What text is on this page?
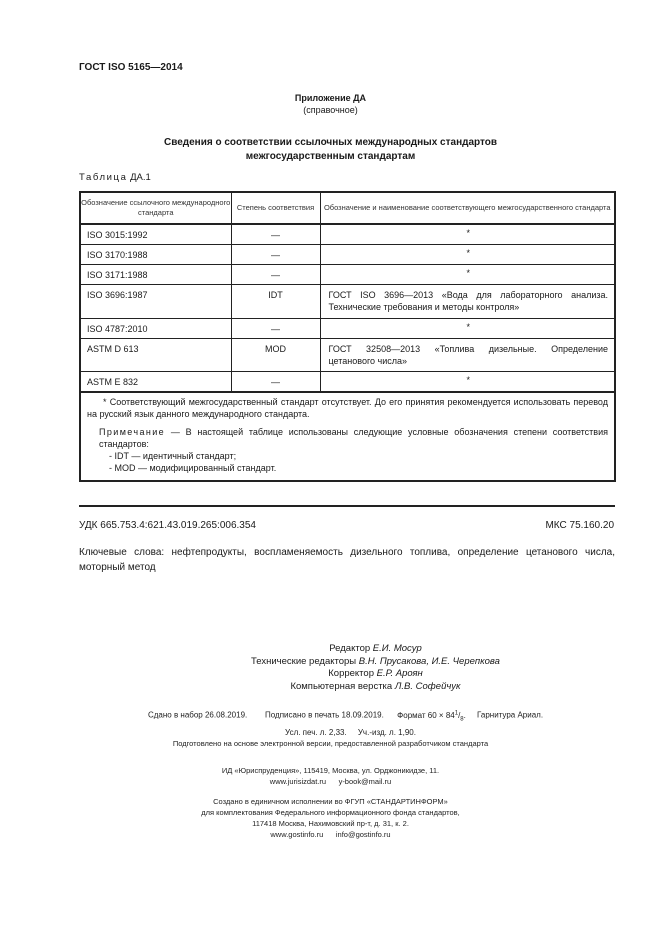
ГОСТ ISO 5165—2014
Приложение ДА
(справочное)
Сведения о соответствии ссылочных международных стандартов
межгосударственным стандартам
Таблица ДА.1
Обозначение ссылочного международного стандарта	Степень соответствия	Обозначение и наименование соответствующего межгосударственного стандарта
ISO 3015:1992	—	*
ISO 3170:1988	—	*
ISO 3171:1988	—	*
ISO 3696:1987	IDT	ГОСТ ISO 3696—2013 «Вода для лабораторного анализа. Технические требования и методы контроля»
ISO 4787:2010	—	*
ASTM D 613	MOD	ГОСТ 32508—2013 «Топлива дизельные. Определение цетанового числа»
ASTM E 832	—	*

* Соответствующий межгосударственный стандарт отсутствует. До его принятия рекомендуется использовать перевод на русский язык данного международного стандарта.
Примечание — В настоящей таблице использованы следующие условные обозначения степени соответствия стандартов:
- IDT — идентичный стандарт;
- MOD — модифицированный стандарт.		
УДК 665.753.4:621.43.019.265:006.354	МКС 75.160.20
Ключевые слова: нефтепродукты, воспламеняемость дизельного топлива, определение цетанового числа, моторный метод
Редактор Е.И. Мосур
Технические редакторы В.Н. Прусакова, И.Е. Черепкова
Корректор Е.Р. Ароян
Компьютерная верстка Л.В. Софейчук
Сдано в набор 26.08.2019. Подписано в печать 18.09.2019. Формат $60 \times 84^1/_8$. Гарнитура Ариал.
Усл. печ. л. 2,33. Уч.-изд. л. 1,90.
Подготовлено на основе электронной версии, предоставленной разработчиком стандарта
ИД «Юриспруденция», 115419, Москва, ул. Орджоникидзе, 11.
www.jurisizdat.ru y-book@mail.ru
Создано в единичном исполнении во ФГУП «СТАНДАРТИНФОРМ»
для комплектования Федерального информационного фонда стандартов,
117418 Москва, Нахимовский пр-т, д. 31, к. 2.
www.gostinfo.ru info@gostinfo.ru
